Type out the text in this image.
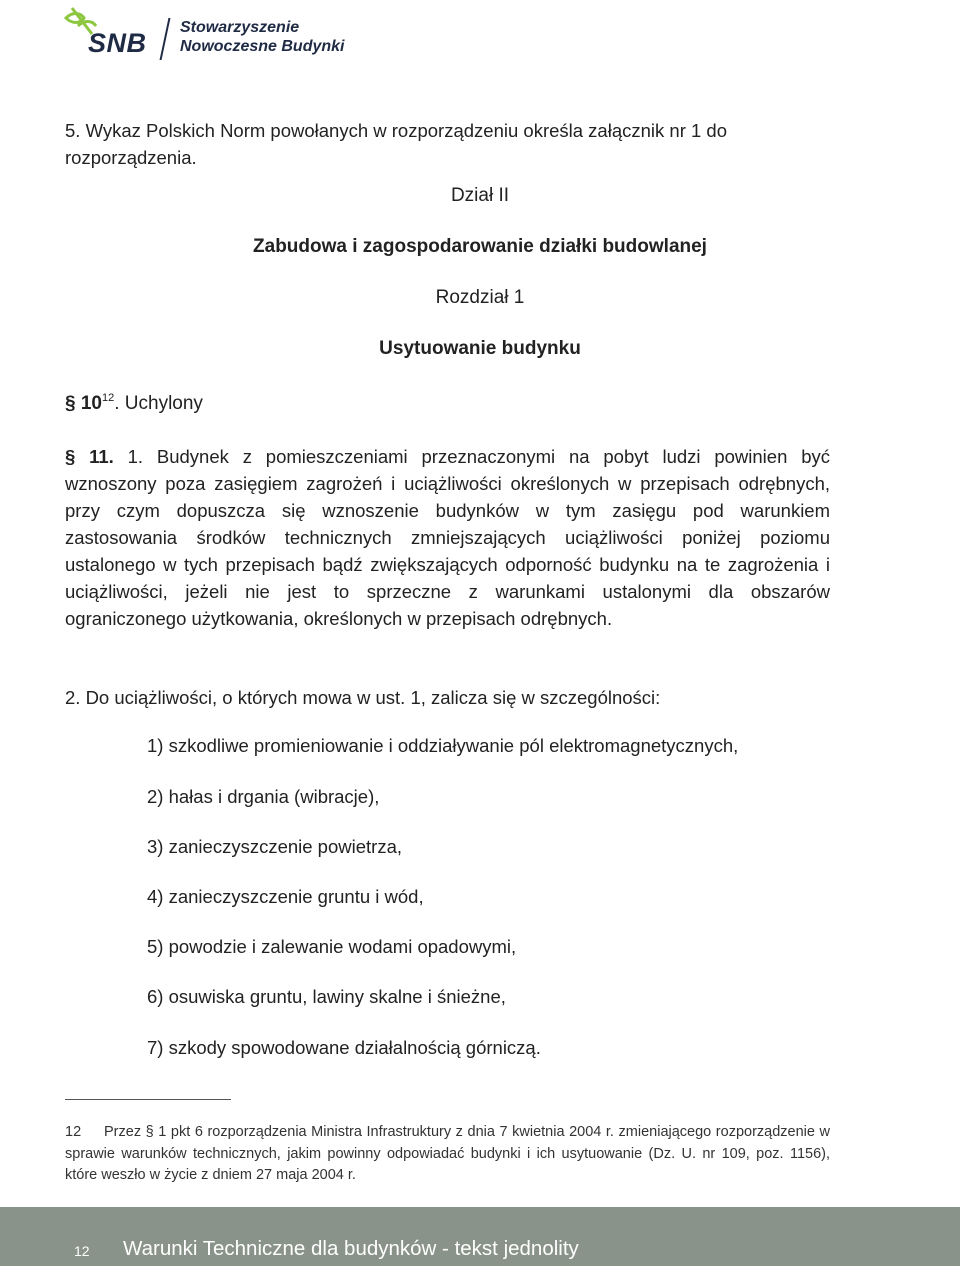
SNB
Stowarzyszenie
Nowoczesne Budynki
5. Wykaz Polskich Norm powołanych w rozporządzeniu określa załącznik nr 1 do rozporządzenia.
Dział II
Zabudowa i zagospodarowanie działki budowlanej
Rozdział 1
Usytuowanie budynku
§ $10^{12}$. Uchylony
§ 11. 1. Budynek z pomieszczeniami przeznaczonymi na pobyt ludzi powinien być wznoszony poza zasięgiem zagrożeń i uciążliwości określonych w przepisach odrębnych, przy czym dopuszcza się wznoszenie budynków w tym zasięgu pod warunkiem zastosowania środków technicznych zmniejszających uciążliwości poniżej poziomu ustalonego w tych przepisach bądź zwiększających odporność budynku na te zagrożenia i uciążliwości, jeżeli nie jest to sprzeczne z warunkami ustalonymi dla obszarów ograniczonego użytkowania, określonych w przepisach odrębnych.
2. Do uciążliwości, o których mowa w ust. 1, zalicza się w szczególności:
1) szkodliwe promieniowanie i oddziaływanie pól elektromagnetycznych,
2) hałas i drgania (wibracje),
3) zanieczyszczenie powietrza,
4) zanieczyszczenie gruntu i wód,
5) powodzie i zalewanie wodami opadowymi,
6) osuwiska gruntu, lawiny skalne i śnieżne,
7) szkody spowodowane działalnością górniczą.
12 Przez § 1 pkt 6 rozporządzenia Ministra Infrastruktury z dnia 7 kwietnia 2004 r. zmieniającego rozporządzenie w sprawie warunków technicznych, jakim powinny odpowiadać budynki i ich usytuowanie (Dz. U. nr 109, poz. 1156), które weszło w życie z dniem 27 maja 2004 r.
12 Warunki Techniczne dla budynków - tekst jednolity
